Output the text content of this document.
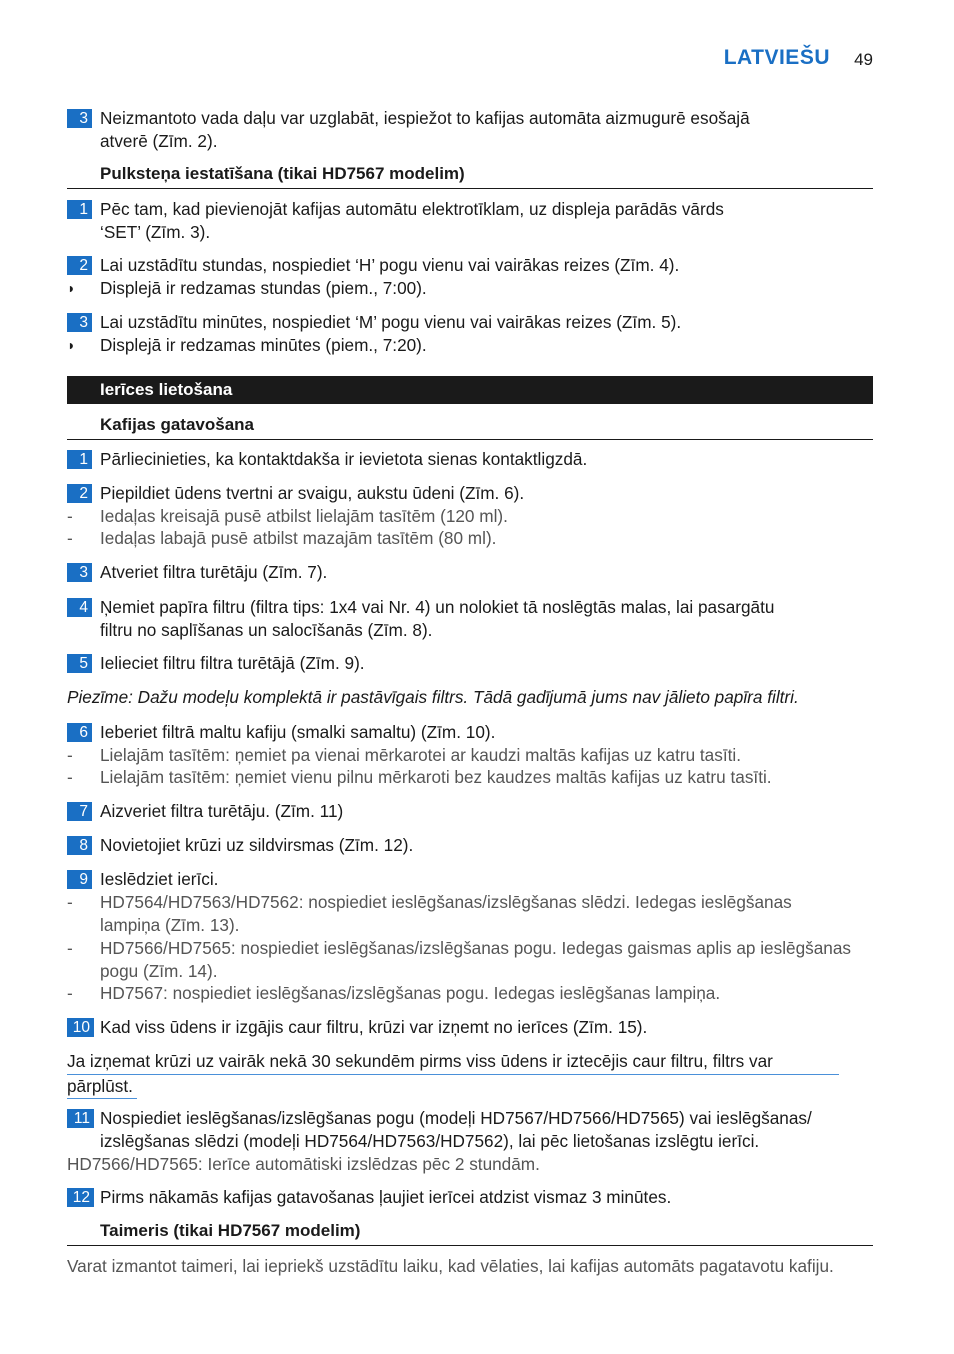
LATVIEŠU 49
3 Neizmantoto vada daļu var uzglabāt, iespiežot to kafijas automāta aizmugurē esošajā
atverē (Zīm. 2).
Pulksteņa iestatīšana (tikai HD7567 modelim)
1 Pēc tam, kad pievienojāt kafijas automātu elektrotīklam, uz displeja parādās vārds
‘SET’ (Zīm. 3).
2 Lai uzstādītu stundas, nospiediet ‘H’ pogu vienu vai vairākas reizes (Zīm. 4).
◗	Displejā ir redzamas stundas (piem., 7:00).
3 Lai uzstādītu minūtes, nospiediet ‘M’ pogu vienu vai vairākas reizes (Zīm. 5).
◗	Displejā ir redzamas minūtes (piem., 7:20).
Ierīces lietošana
Kafijas gatavošana
1 Pārliecinieties, ka kontaktdakša ir ievietota sienas kontaktligzdā.
2 Piepildiet ūdens tvertni ar svaigu, aukstu ūdeni (Zīm. 6).
-	Iedaļas kreisajā pusē atbilst lielajām tasītēm (120 ml).
-	Iedaļas labajā pusē atbilst mazajām tasītēm (80 ml).
3 Atveriet filtra turētāju (Zīm. 7).
4 Ņemiet papīra filtru (filtra tips: 1x4 vai Nr. 4) un nolokiet tā noslēgtās malas, lai pasargātu
filtru no saplīšanas un salocīšanās (Zīm. 8).
5 Ielieciet filtru filtra turētājā (Zīm. 9).
Piezīme: Dažu modeļu komplektā ir pastāvīgais filtrs. Tādā gadījumā jums nav jālieto papīra filtri.
6 Ieberiet filtrā maltu kafiju (smalki samaltu) (Zīm. 10).
-	Lielajām tasītēm: ņemiet pa vienai mērkarotei ar kaudzi maltās kafijas uz katru tasīti.
-	Lielajām tasītēm: ņemiet vienu pilnu mērkaroti bez kaudzes maltās kafijas uz katru tasīti.
7 Aizveriet filtra turētāju. (Zīm. 11)
8 Novietojiet krūzi uz sildvirsmas (Zīm. 12).
9 Ieslēdziet ierīci.
-	HD7564/HD7563/HD7562: nospiediet ieslēgšanas/izslēgšanas slēdzi. Iedegas ieslēgšanas
lampiņa (Zīm. 13).
-	HD7566/HD7565: nospiediet ieslēgšanas/izslēgšanas pogu. Iedegas gaismas aplis ap ieslēgšanas
pogu (Zīm. 14).
-	HD7567: nospiediet ieslēgšanas/izslēgšanas pogu. Iedegas ieslēgšanas lampiņa.
10 Kad viss ūdens ir izgājis caur filtru, krūzi var izņemt no ierīces (Zīm. 15).
Ja izņemat krūzi uz vairāk nekā 30 sekundēm pirms viss ūdens ir iztecējis caur filtru, filtrs var
pārplūst.
11 Nospiediet ieslēgšanas/izslēgšanas pogu (modeļi HD7567/HD7566/HD7565) vai ieslēgšanas/
izslēgšanas slēdzi (modeļi HD7564/HD7563/HD7562), lai pēc lietošanas izslēgtu ierīci.
HD7566/HD7565: Ierīce automātiski izslēdzas pēc 2 stundām.
12 Pirms nākamās kafijas gatavošanas ļaujiet ierīcei atdzist vismaz 3 minūtes.
Taimeris (tikai HD7567 modelim)
Varat izmantot taimeri, lai iepriekš uzstādītu laiku, kad vēlaties, lai kafijas automāts pagatavotu kafiju.
